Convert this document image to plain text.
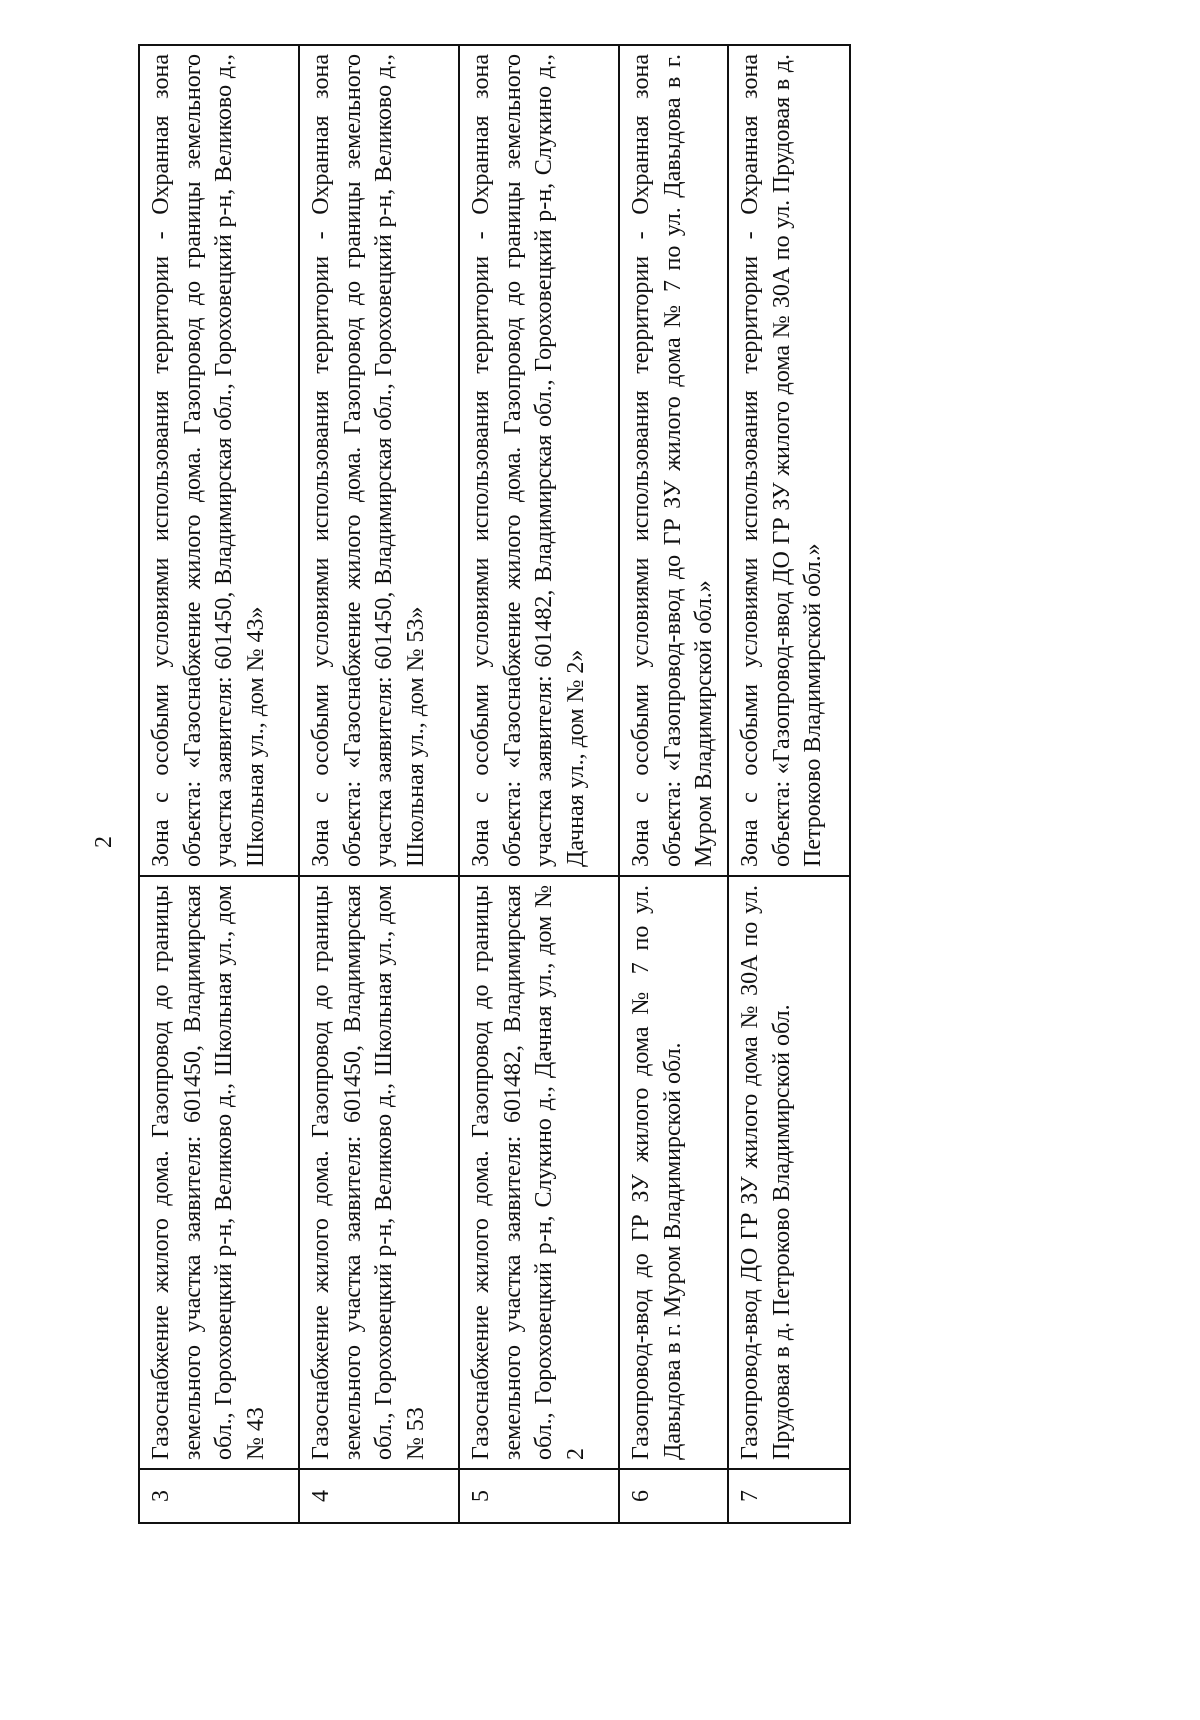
2
3	Газоснабжение жилого дома. Газопровод до границы земельного участка заявителя: 601450, Владимирская обл., Гороховецкий р-н, Великово д., Школьная ул., дом № 43	Зона с особыми условиями использования территории - Охранная зона объекта: «Газоснабжение жилого дома. Газопровод до границы земельного участка заявителя: 601450, Владимирская обл., Гороховецкий р-н, Великово д., Школьная ул., дом № 43»
4	Газоснабжение жилого дома. Газопровод до границы земельного участка заявителя: 601450, Владимирская обл., Гороховецкий р-н, Великово д., Школьная ул., дом № 53	Зона с особыми условиями использования территории - Охранная зона объекта: «Газоснабжение жилого дома. Газопровод до границы земельного участка заявителя: 601450, Владимирская обл., Гороховецкий р-н, Великово д., Школьная ул., дом № 53»
5	Газоснабжение жилого дома. Газопровод до границы земельного участка заявителя: 601482, Владимирская обл., Гороховецкий р-н, Слукино д., Дачная ул., дом № 2	Зона с особыми условиями использования территории - Охранная зона объекта: «Газоснабжение жилого дома. Газопровод до границы земельного участка заявителя: 601482, Владимирская обл., Гороховецкий р-н, Слукино д., Дачная ул., дом № 2»
6	Газопровод-ввод до ГР ЗУ жилого дома № 7 по ул. Давыдова в г. Муром Владимирской обл.	Зона с особыми условиями использования территории - Охранная зона объекта: «Газопровод-ввод до ГР ЗУ жилого дома № 7 по ул. Давыдова в г. Муром Владимирской обл.»
7	Газопровод-ввод ДО ГР ЗУ жилого дома № 30А по ул. Прудовая в д. Петроково Владимирской обл.	Зона с особыми условиями использования территории - Охранная зона объекта: «Газопровод-ввод ДО ГР ЗУ жилого дома № 30А по ул. Прудовая в д. Петроково Владимирской обл.»
